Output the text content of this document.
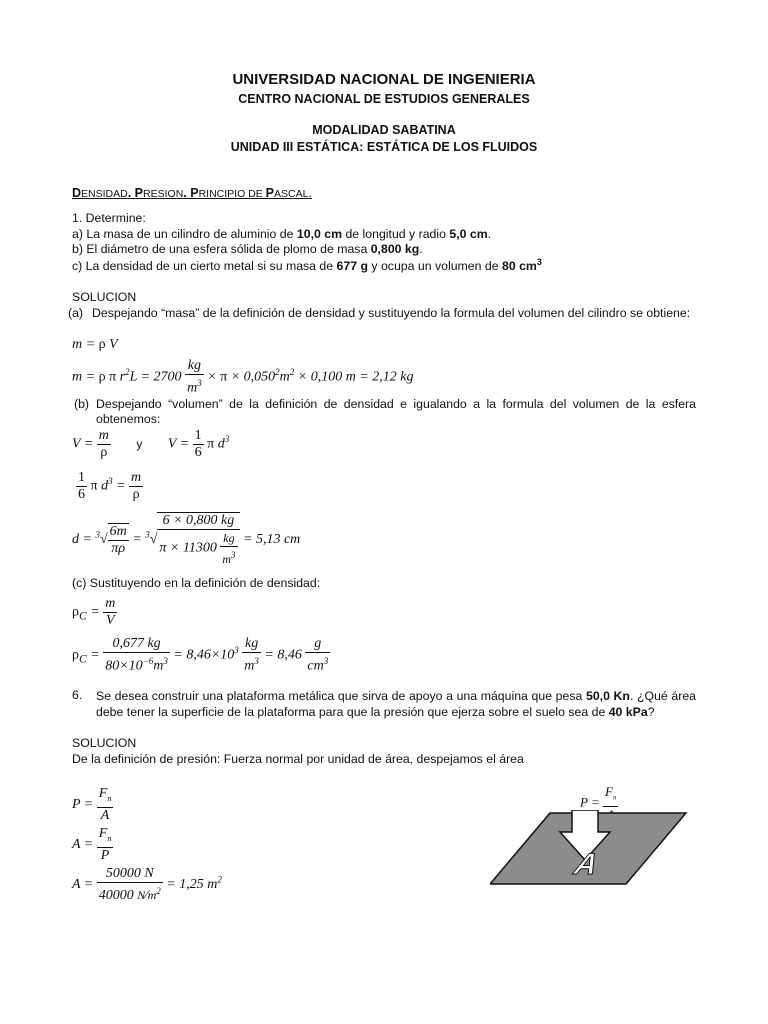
UNIVERSIDAD NACIONAL DE INGENIERIA
CENTRO NACIONAL DE ESTUDIOS GENERALES
MODALIDAD SABATINA
UNIDAD III ESTÁTICA: ESTÁTICA DE LOS FLUIDOS
DENSIDAD. PRESION. PRINCIPIO DE PASCAL.
1. Determine:
a) La masa de un cilindro de aluminio de 10,0 cm de longitud y radio 5,0 cm.
b) El diámetro de una esfera sólida de plomo de masa 0,800 kg.
c) La densidad de un cierto metal si su masa de 677 g y ocupa un volumen de 80 $cm^3$
SOLUCION
(a) Despejando “masa” de la definición de densidad y sustituyendo la formula del volumen del cilindro se obtiene:
m = ρ V
m = ρ π $r^2L = 2700 \frac{kg}{m^3} \times \pi \times 0,050^2m^2 \times 0,100$ m = 2,12 kg
(b) Despejando “volumen” de la definición de densidad e igualando a la formula del volumen de la esfera obtenemos:
$V = \frac{m}{\rho}$ y $V = \frac{1}{6}$ π $d^3$
$\frac{1}{6}$ π $d^3 = \frac{m}{\rho}$
$d = ^3√ \frac{6m}{\pi\rho} = ^3√ \frac{6 \times 0,800 kg}{\pi \times 11300 \frac{kg}{m^3}} = 5,13$ cm
(c) Sustituyendo en la definición de densidad:
$\rho_C = \frac{m}{V}$
$\rho_C = \frac{0,677 kg}{80\times 10^{-6}m^3} = 8,46\times 10^3 \frac{kg}{m^3} = 8,46 \frac{g}{cm^3}$
6. Se desea construir una plataforma metálica que sirva de apoyo a una máquina que pesa 50,0 Kn. ¿Qué área debe tener la superficie de la plataforma para que la presión que ejerza sobre el suelo sea de 40 kPa?
SOLUCION
De la definición de presión: Fuerza normal por unidad de área, despejamos el área
$P = \frac{F_n}{A}$
$A = \frac{F_n}{P}$
$A = \frac{50000 N}{40000 N⁄m^2} = 1,25$ $m^2$
P =
$F_n$
A
